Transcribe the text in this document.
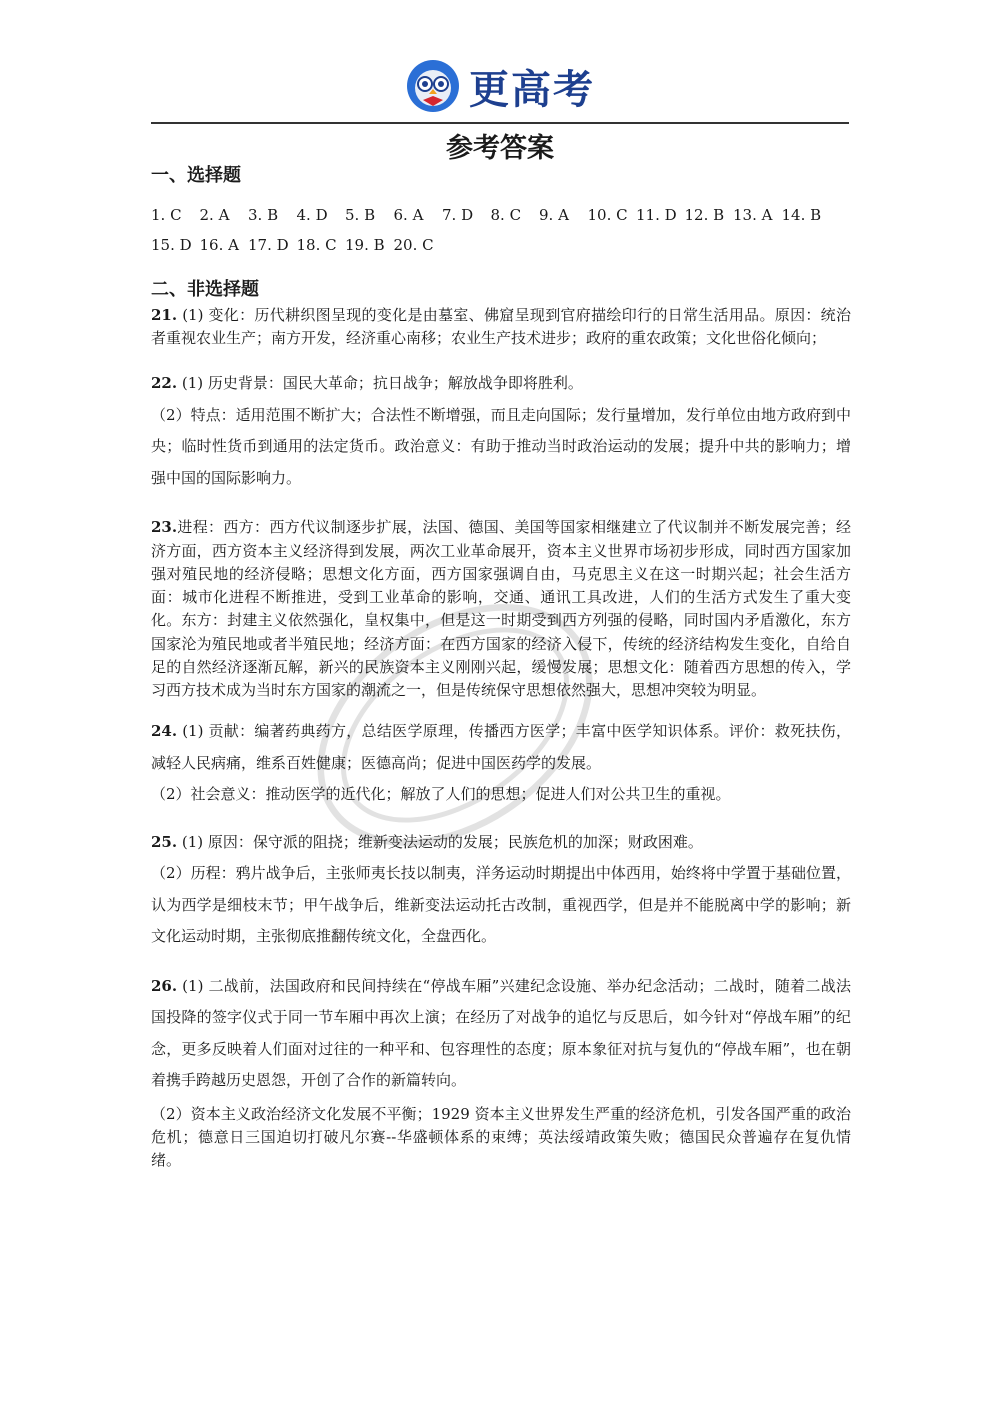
更高考
参考答案
一、选择题
1. C	2. A	3. B	4. D	5. B	6. A	7. D	8. C	9. A	10. C 11. D 12. B 13. A 14. B
15. D 16. A 17. D 18. C 19. B 20. C
二、非选择题

21. (1) 变化：历代耕织图呈现的变化是由墓室、佛窟呈现到官府描绘印行的日常生活用品。原因：统治者重视农业生产；南方开发，经济重心南移；农业生产技术进步；政府的重农政策；文化世俗化倾向；

22. (1) 历史背景：国民大革命；抗日战争；解放战争即将胜利。

（2）特点：适用范围不断扩大；合法性不断增强，而且走向国际；发行量增加，发行单位由地方政府到中央；临时性货币到通用的法定货币。政治意义：有助于推动当时政治运动的发展；提升中共的影响力；增强中国的国际影响力。

23.进程：西方：西方代议制逐步扩展，法国、德国、美国等国家相继建立了代议制并不断发展完善；经济方面，西方资本主义经济得到发展，两次工业革命展开，资本主义世界市场初步形成，同时西方国家加强对殖民地的经济侵略；思想文化方面，西方国家强调自由，马克思主义在这一时期兴起；社会生活方面：城市化进程不断推进，受到工业革命的影响，交通、通讯工具改进，人们的生活方式发生了重大变化。东方：封建主义依然强化，皇权集中，但是这一时期受到西方列强的侵略，同时国内矛盾激化，东方国家沦为殖民地或者半殖民地；经济方面：在西方国家的经济入侵下，传统的经济结构发生变化，自给自足的自然经济逐渐瓦解，新兴的民族资本主义刚刚兴起，缓慢发展；思想文化：随着西方思想的传入，学习西方技术成为当时东方国家的潮流之一，但是传统保守思想依然强大，思想冲突较为明显。

24. (1) 贡献：编著药典药方，总结医学原理，传播西方医学；丰富中医学知识体系。评价：救死扶伤，减轻人民病痛，维系百姓健康；医德高尚；促进中国医药学的发展。

（2）社会意义：推动医学的近代化；解放了人们的思想；促进人们对公共卫生的重视。

25. (1) 原因：保守派的阻挠；维新变法运动的发展；民族危机的加深；财政困难。

（2）历程：鸦片战争后，主张师夷长技以制夷，洋务运动时期提出中体西用，始终将中学置于基础位置，认为西学是细枝末节；甲午战争后，维新变法运动托古改制，重视西学，但是并不能脱离中学的影响；新文化运动时期，主张彻底推翻传统文化，全盘西化。

26. (1) 二战前，法国政府和民间持续在“停战车厢”兴建纪念设施、举办纪念活动；二战时，随着二战法国投降的签字仪式于同一节车厢中再次上演；在经历了对战争的追忆与反思后，如今针对“停战车厢”的纪念，更多反映着人们面对过往的一种平和、包容理性的态度；原本象征对抗与复仇的“停战车厢”，也在朝着携手跨越历史恩怨，开创了合作的新篇转向。

（2）资本主义政治经济文化发展不平衡；1929 资本主义世界发生严重的经济危机，引发各国严重的政治危机；德意日三国迫切打破凡尔赛--华盛顿体系的束缚；英法绥靖政策失败；德国民众普遍存在复仇情绪。
